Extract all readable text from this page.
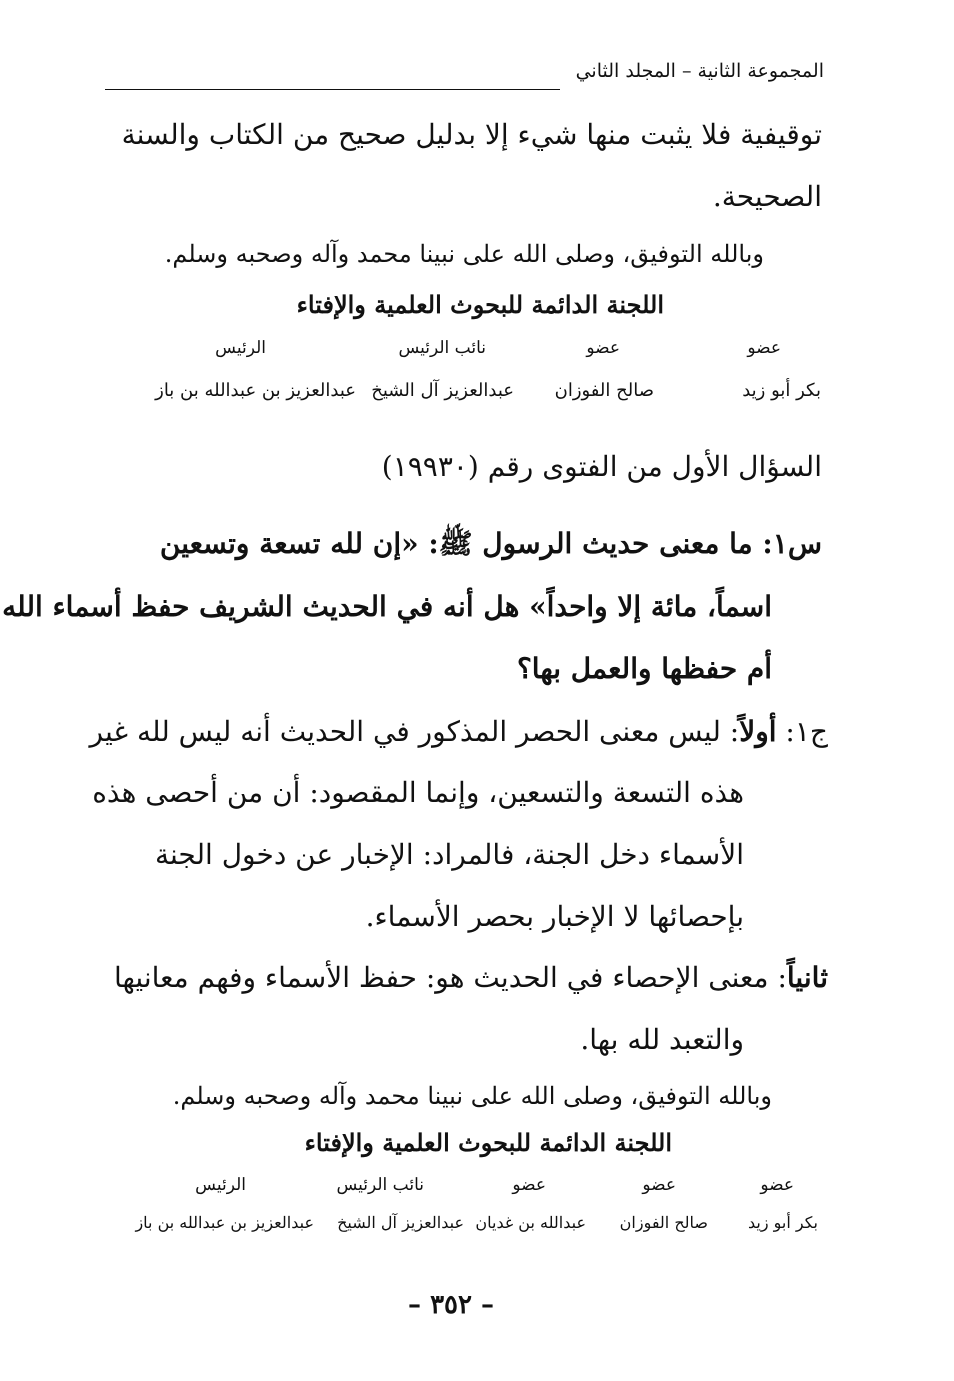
المجموعة الثانية – المجلد الثاني
توقيفية فلا يثبت منها شيء إلا بدليل صحيح من الكتاب والسنة
الصحيحة.
وبالله التوفيق، وصلى الله على نبينا محمد وآله وصحبه وسلم.
اللجنة الدائمة للبحوث العلمية والإفتاء
عضو
عضو
نائب الرئيس
الرئيس
بكر أبو زيد
صالح الفوزان
عبدالعزيز آل الشيخ
عبدالعزيز بن عبدالله بن باز
السؤال الأول من الفتوى رقم (١٩٩٣٠)
س١: ما معنى حديث الرسول ﷺ: «إن لله تسعة وتسعين
اسماً، مائة إلا واحداً» هل أنه في الحديث الشريف حفظ أسماء الله
أم حفظها والعمل بها؟
ج١: أولاً: ليس معنى الحصر المذكور في الحديث أنه ليس لله غير
هذه التسعة والتسعين، وإنما المقصود: أن من أحصى هذه
الأسماء دخل الجنة، فالمراد: الإخبار عن دخول الجنة
بإحصائها لا الإخبار بحصر الأسماء.
ثانياً: معنى الإحصاء في الحديث هو: حفظ الأسماء وفهم معانيها
والتعبد لله بها.
وبالله التوفيق، وصلى الله على نبينا محمد وآله وصحبه وسلم.
اللجنة الدائمة للبحوث العلمية والإفتاء
عضو
عضو
عضو
نائب الرئيس
الرئيس
بكر أبو زيد
صالح الفوزان
عبدالله بن غديان
عبدالعزيز آل الشيخ
عبدالعزيز بن عبدالله بن باز
– ٣٥٢ –
